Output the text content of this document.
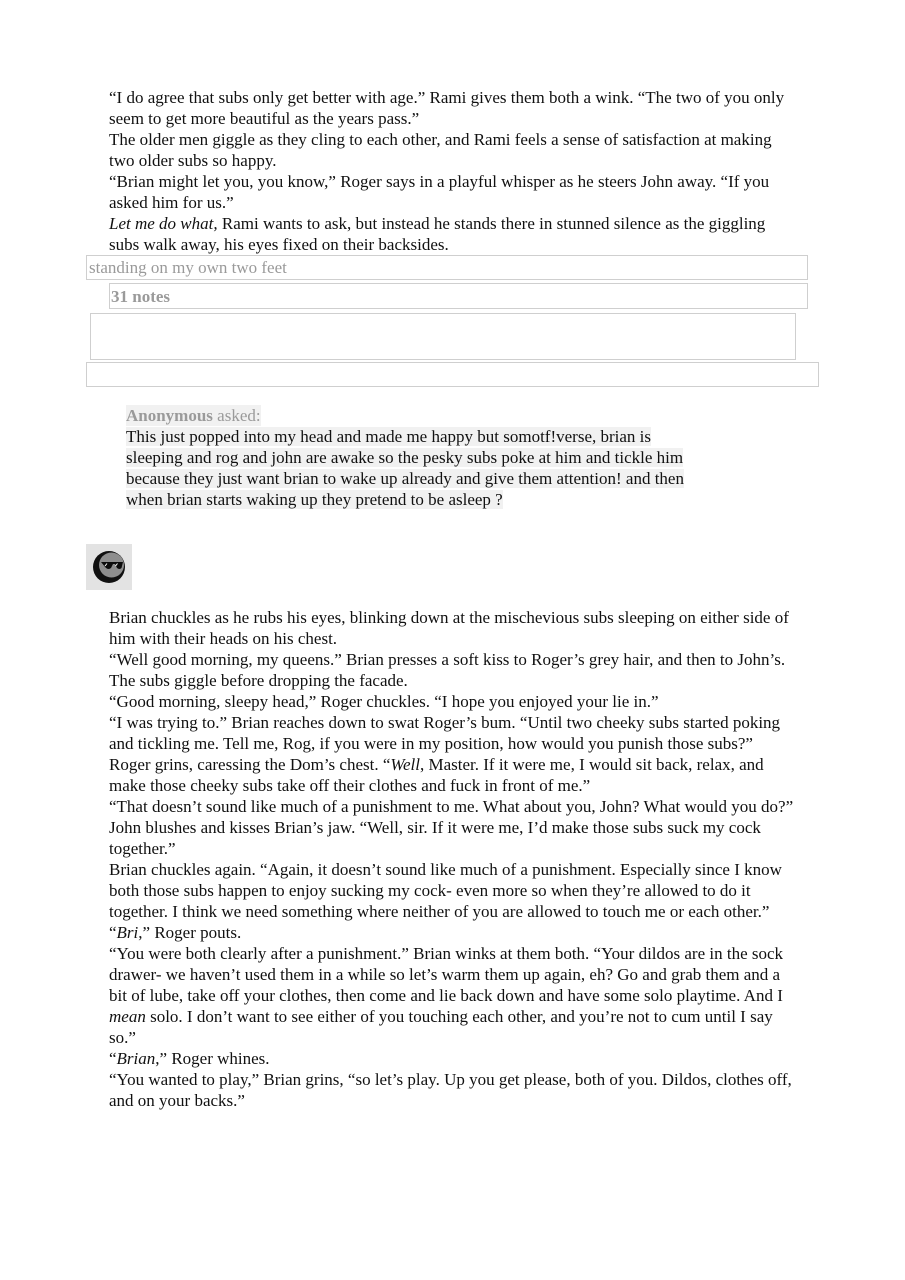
“I do agree that subs only get better with age.” Rami gives them both a wink. “The two of you only seem to get more beautiful as the years pass.”

The older men giggle as they cling to each other, and Rami feels a sense of satisfaction at making two older subs so happy.

“Brian might let you, you know,” Roger says in a playful whisper as he steers John away. “If you asked him for us.”

Let me do what, Rami wants to ask, but instead he stands there in stunned silence as the giggling subs walk away, his eyes fixed on their backsides.

standing on my own two feet
31 notes
Anonymous asked:

This just popped into my head and made me happy but somotf!verse, brian is sleeping and rog and john are awake so the pesky subs poke at him and tickle him because they just want brian to wake up already and give them attention! and then when brian starts waking up they pretend to be asleep ?

Brian chuckles as he rubs his eyes, blinking down at the mischevious subs sleeping on either side of him with their heads on his chest.

“Well good morning, my queens.” Brian presses a soft kiss to Roger’s grey hair, and then to John’s.

The subs giggle before dropping the facade.

“Good morning, sleepy head,” Roger chuckles. “I hope you enjoyed your lie in.”

“I was trying to.” Brian reaches down to swat Roger’s bum. “Until two cheeky subs started poking and tickling me. Tell me, Rog, if you were in my position, how would you punish those subs?”

Roger grins, caressing the Dom’s chest. “Well, Master. If it were me, I would sit back, relax, and make those cheeky subs take off their clothes and fuck in front of me.”

“That doesn’t sound like much of a punishment to me. What about you, John? What would you do?”

John blushes and kisses Brian’s jaw. “Well, sir. If it were me, I’d make those subs suck my cock together.”

Brian chuckles again. “Again, it doesn’t sound like much of a punishment. Especially since I know both those subs happen to enjoy sucking my cock- even more so when they’re allowed to do it together. I think we need something where neither of you are allowed to touch me or each other.”

“Bri,” Roger pouts.

“You were both clearly after a punishment.” Brian winks at them both. “Your dildos are in the sock drawer- we haven’t used them in a while so let’s warm them up again, eh? Go and grab them and a bit of lube, take off your clothes, then come and lie back down and have some solo playtime. And I mean solo. I don’t want to see either of you touching each other, and you’re not to cum until I say so.”

“Brian,” Roger whines.

“You wanted to play,” Brian grins, “so let’s play. Up you get please, both of you. Dildos, clothes off, and on your backs.”
